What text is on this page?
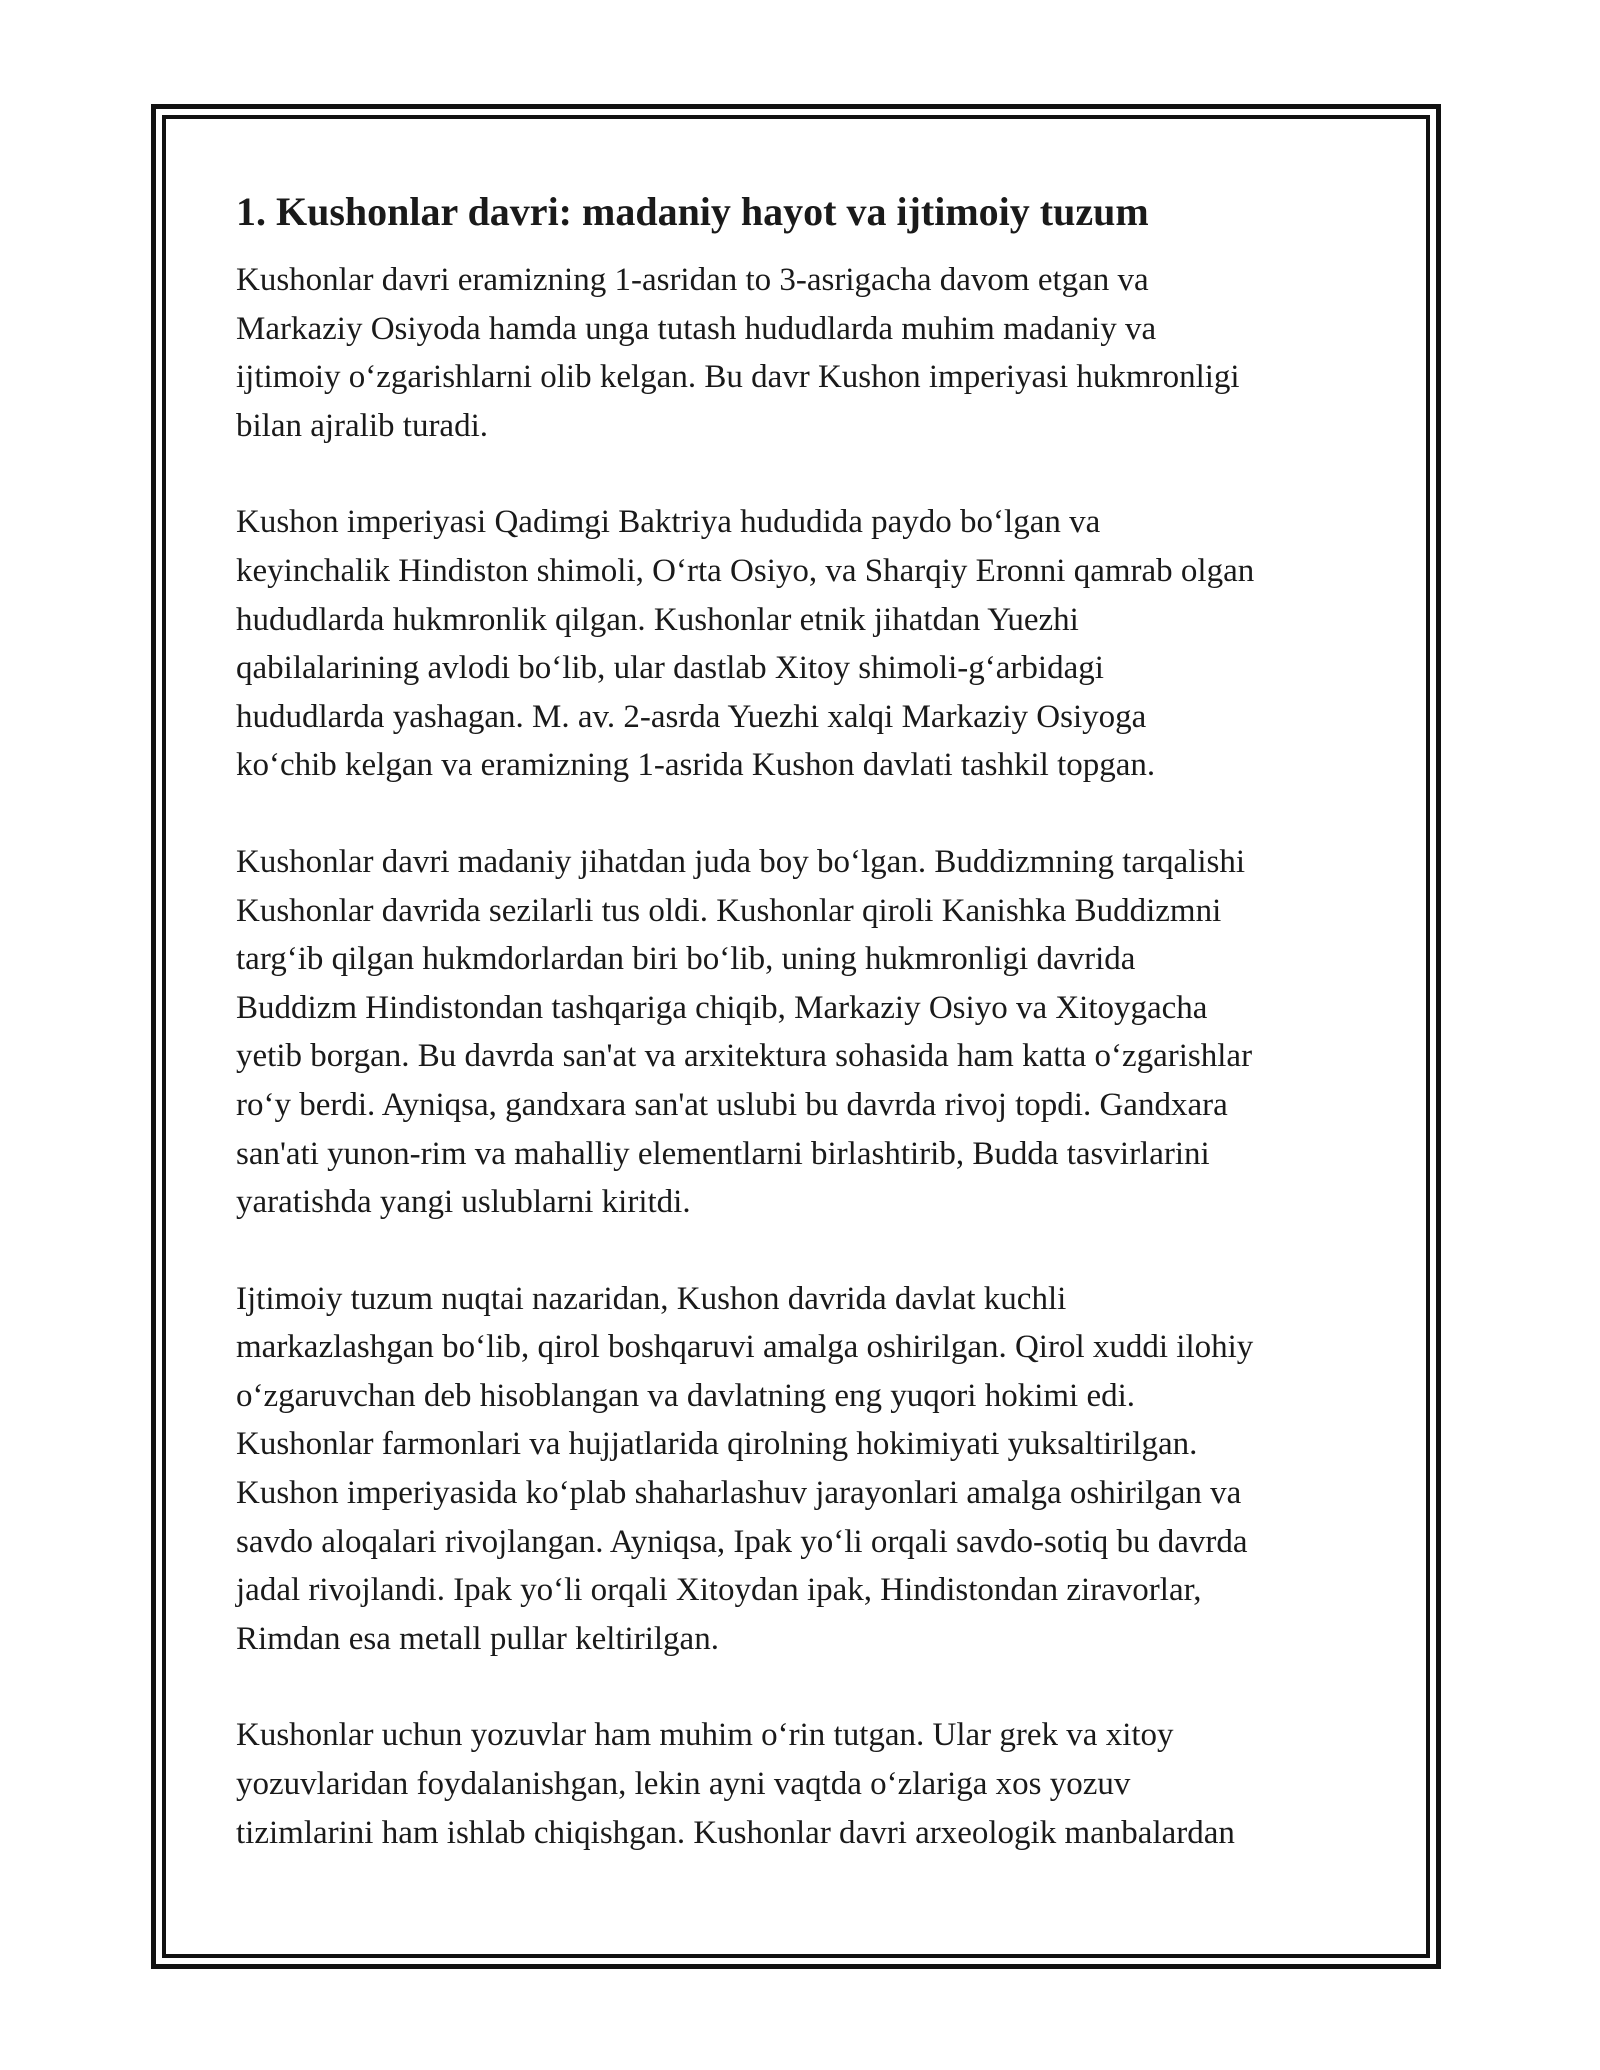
1. Kushonlar davri: madaniy hayot va ijtimoiy tuzum
Kushonlar davri eramizning 1-asridan to 3-asrigacha davom etgan va
Markaziy Osiyoda hamda unga tutash hududlarda muhim madaniy va
ijtimoiy o‘zgarishlarni olib kelgan. Bu davr Kushon imperiyasi hukmronligi
bilan ajralib turadi.
Kushon imperiyasi Qadimgi Baktriya hududida paydo bo‘lgan va
keyinchalik Hindiston shimoli, O‘rta Osiyo, va Sharqiy Eronni qamrab olgan
hududlarda hukmronlik qilgan. Kushonlar etnik jihatdan Yuezhi
qabilalarining avlodi bo‘lib, ular dastlab Xitoy shimoli-g‘arbidagi
hududlarda yashagan. M. av. 2-asrda Yuezhi xalqi Markaziy Osiyoga
ko‘chib kelgan va eramizning 1-asrida Kushon davlati tashkil topgan.
Kushonlar davri madaniy jihatdan juda boy bo‘lgan. Buddizmning tarqalishi
Kushonlar davrida sezilarli tus oldi. Kushonlar qiroli Kanishka Buddizmni
targ‘ib qilgan hukmdorlardan biri bo‘lib, uning hukmronligi davrida
Buddizm Hindistondan tashqariga chiqib, Markaziy Osiyo va Xitoygacha
yetib borgan. Bu davrda san'at va arxitektura sohasida ham katta o‘zgarishlar
ro‘y berdi. Ayniqsa, gandxara san'at uslubi bu davrda rivoj topdi. Gandxara
san'ati yunon-rim va mahalliy elementlarni birlashtirib, Budda tasvirlarini
yaratishda yangi uslublarni kiritdi.
Ijtimoiy tuzum nuqtai nazaridan, Kushon davrida davlat kuchli
markazlashgan bo‘lib, qirol boshqaruvi amalga oshirilgan. Qirol xuddi ilohiy
o‘zgaruvchan deb hisoblangan va davlatning eng yuqori hokimi edi.
Kushonlar farmonlari va hujjatlarida qirolning hokimiyati yuksaltirilgan.
Kushon imperiyasida ko‘plab shaharlashuv jarayonlari amalga oshirilgan va
savdo aloqalari rivojlangan. Ayniqsa, Ipak yo‘li orqali savdo-sotiq bu davrda
jadal rivojlandi. Ipak yo‘li orqali Xitoydan ipak, Hindistondan ziravorlar,
Rimdan esa metall pullar keltirilgan.
Kushonlar uchun yozuvlar ham muhim o‘rin tutgan. Ular grek va xitoy
yozuvlaridan foydalanishgan, lekin ayni vaqtda o‘zlariga xos yozuv
tizimlarini ham ishlab chiqishgan. Kushonlar davri arxeologik manbalardan
